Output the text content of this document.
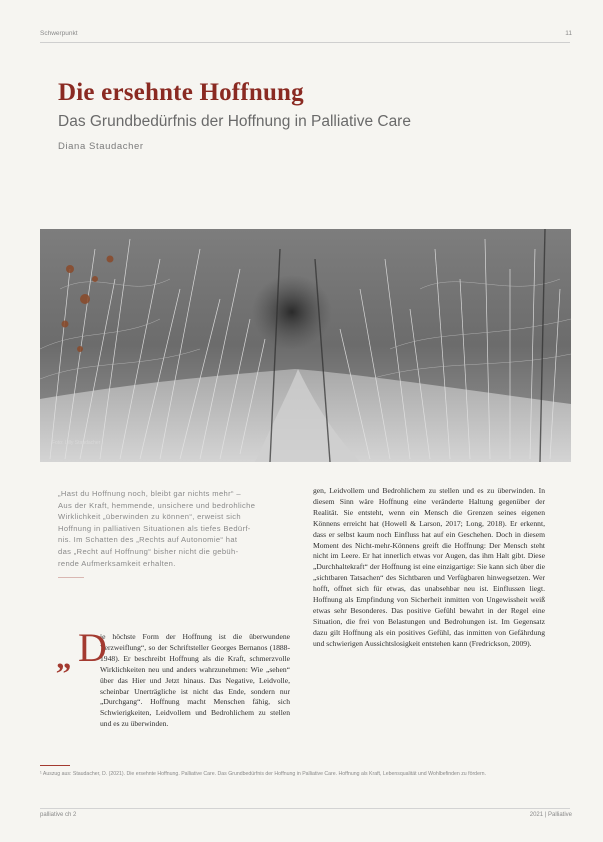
Schwerpunkt	11
Die ersehnte Hoffnung
Das Grundbedürfnis der Hoffnung in Palliative Care
Diana Staudacher
Foto: Lilly Staudacher

„Hast du Hoffnung noch, bleibt gar nichts mehr“ –
Aus der Kraft, hemmende, unsichere und bedrohliche
Wirklichkeit „überwinden zu können“, erweist sich
Hoffnung in palliativen Situationen als tiefes Bedürf-
nis. Im Schatten des „Rechts auf Autonomie“ hat
das „Recht auf Hoffnung“ bisher nicht die gebüh-
rende Aufmerksamkeit erhalten.

„ D

ie höchste Form der Hoffnung ist die überwundene Verzweiflung“, so der Schriftsteller Georges Bernanos (1888-1948). Er beschreibt Hoffnung als die Kraft, schmerzvolle Wirklichkeiten neu und anders wahrzunehmen: Wie „sehen“ über das Hier und Jetzt hinaus. Das Negative, Leidvolle, scheinbar Unerträgliche ist nicht das Ende, sondern nur „Durchgang“. Hoffnung macht Menschen fähig, sich Schwierigkeiten, Leidvollem und Bedrohlichem zu stellen und es zu überwinden.

gen, Leidvollem und Bedrohlichem zu stellen und es zu überwinden. In diesem Sinn wäre Hoffnung eine veränderte Haltung gegenüber der Realität. Sie entsteht, wenn ein Mensch die Grenzen seines eigenen Könnens erreicht hat (Howell & Larson, 2017; Long, 2018). Er erkennt, dass er selbst kaum noch Einfluss hat auf ein Geschehen. Doch in diesem Moment des Nicht-mehr-Könnens greift die Hoffnung: Der Mensch steht nicht im Leere. Er hat innerlich etwas vor Augen, das ihm Halt gibt. Diese „Durchhaltekraft“ der Hoffnung ist eine einzigartige: Sie kann sich über die „sichtbaren Tatsachen“ des Sichtbaren und Verfügbaren hinwegsetzen. Wer hofft, offnet sich für etwas, das unabsehbar neu ist. Einflussen liegt. Hoffnung als Empfindung von Sicherheit inmitten von Ungewissheit weiß etwas sehr Besonderes. Das positive Gefühl bewahrt in der Regel eine Situation, die frei von Belastungen und Bedrohungen ist. Im Gegensatz dazu gilt Hoffnung als ein positives Gefühl, das inmitten von Gefährdung und schwierigen Aussichtslosigkeit entstehen kann (Fredrickson, 2009).

¹ Auszug aus: Staudacher, D. (2021). Die ersehnte Hoffnung. Palliative Care. Das Grundbedürfnis der Hoffnung in Palliative Care. Hoffnung als Kraft, Lebensqualität und Wohlbefinden zu fördern.
palliative ch 2	2021 | Palliative
